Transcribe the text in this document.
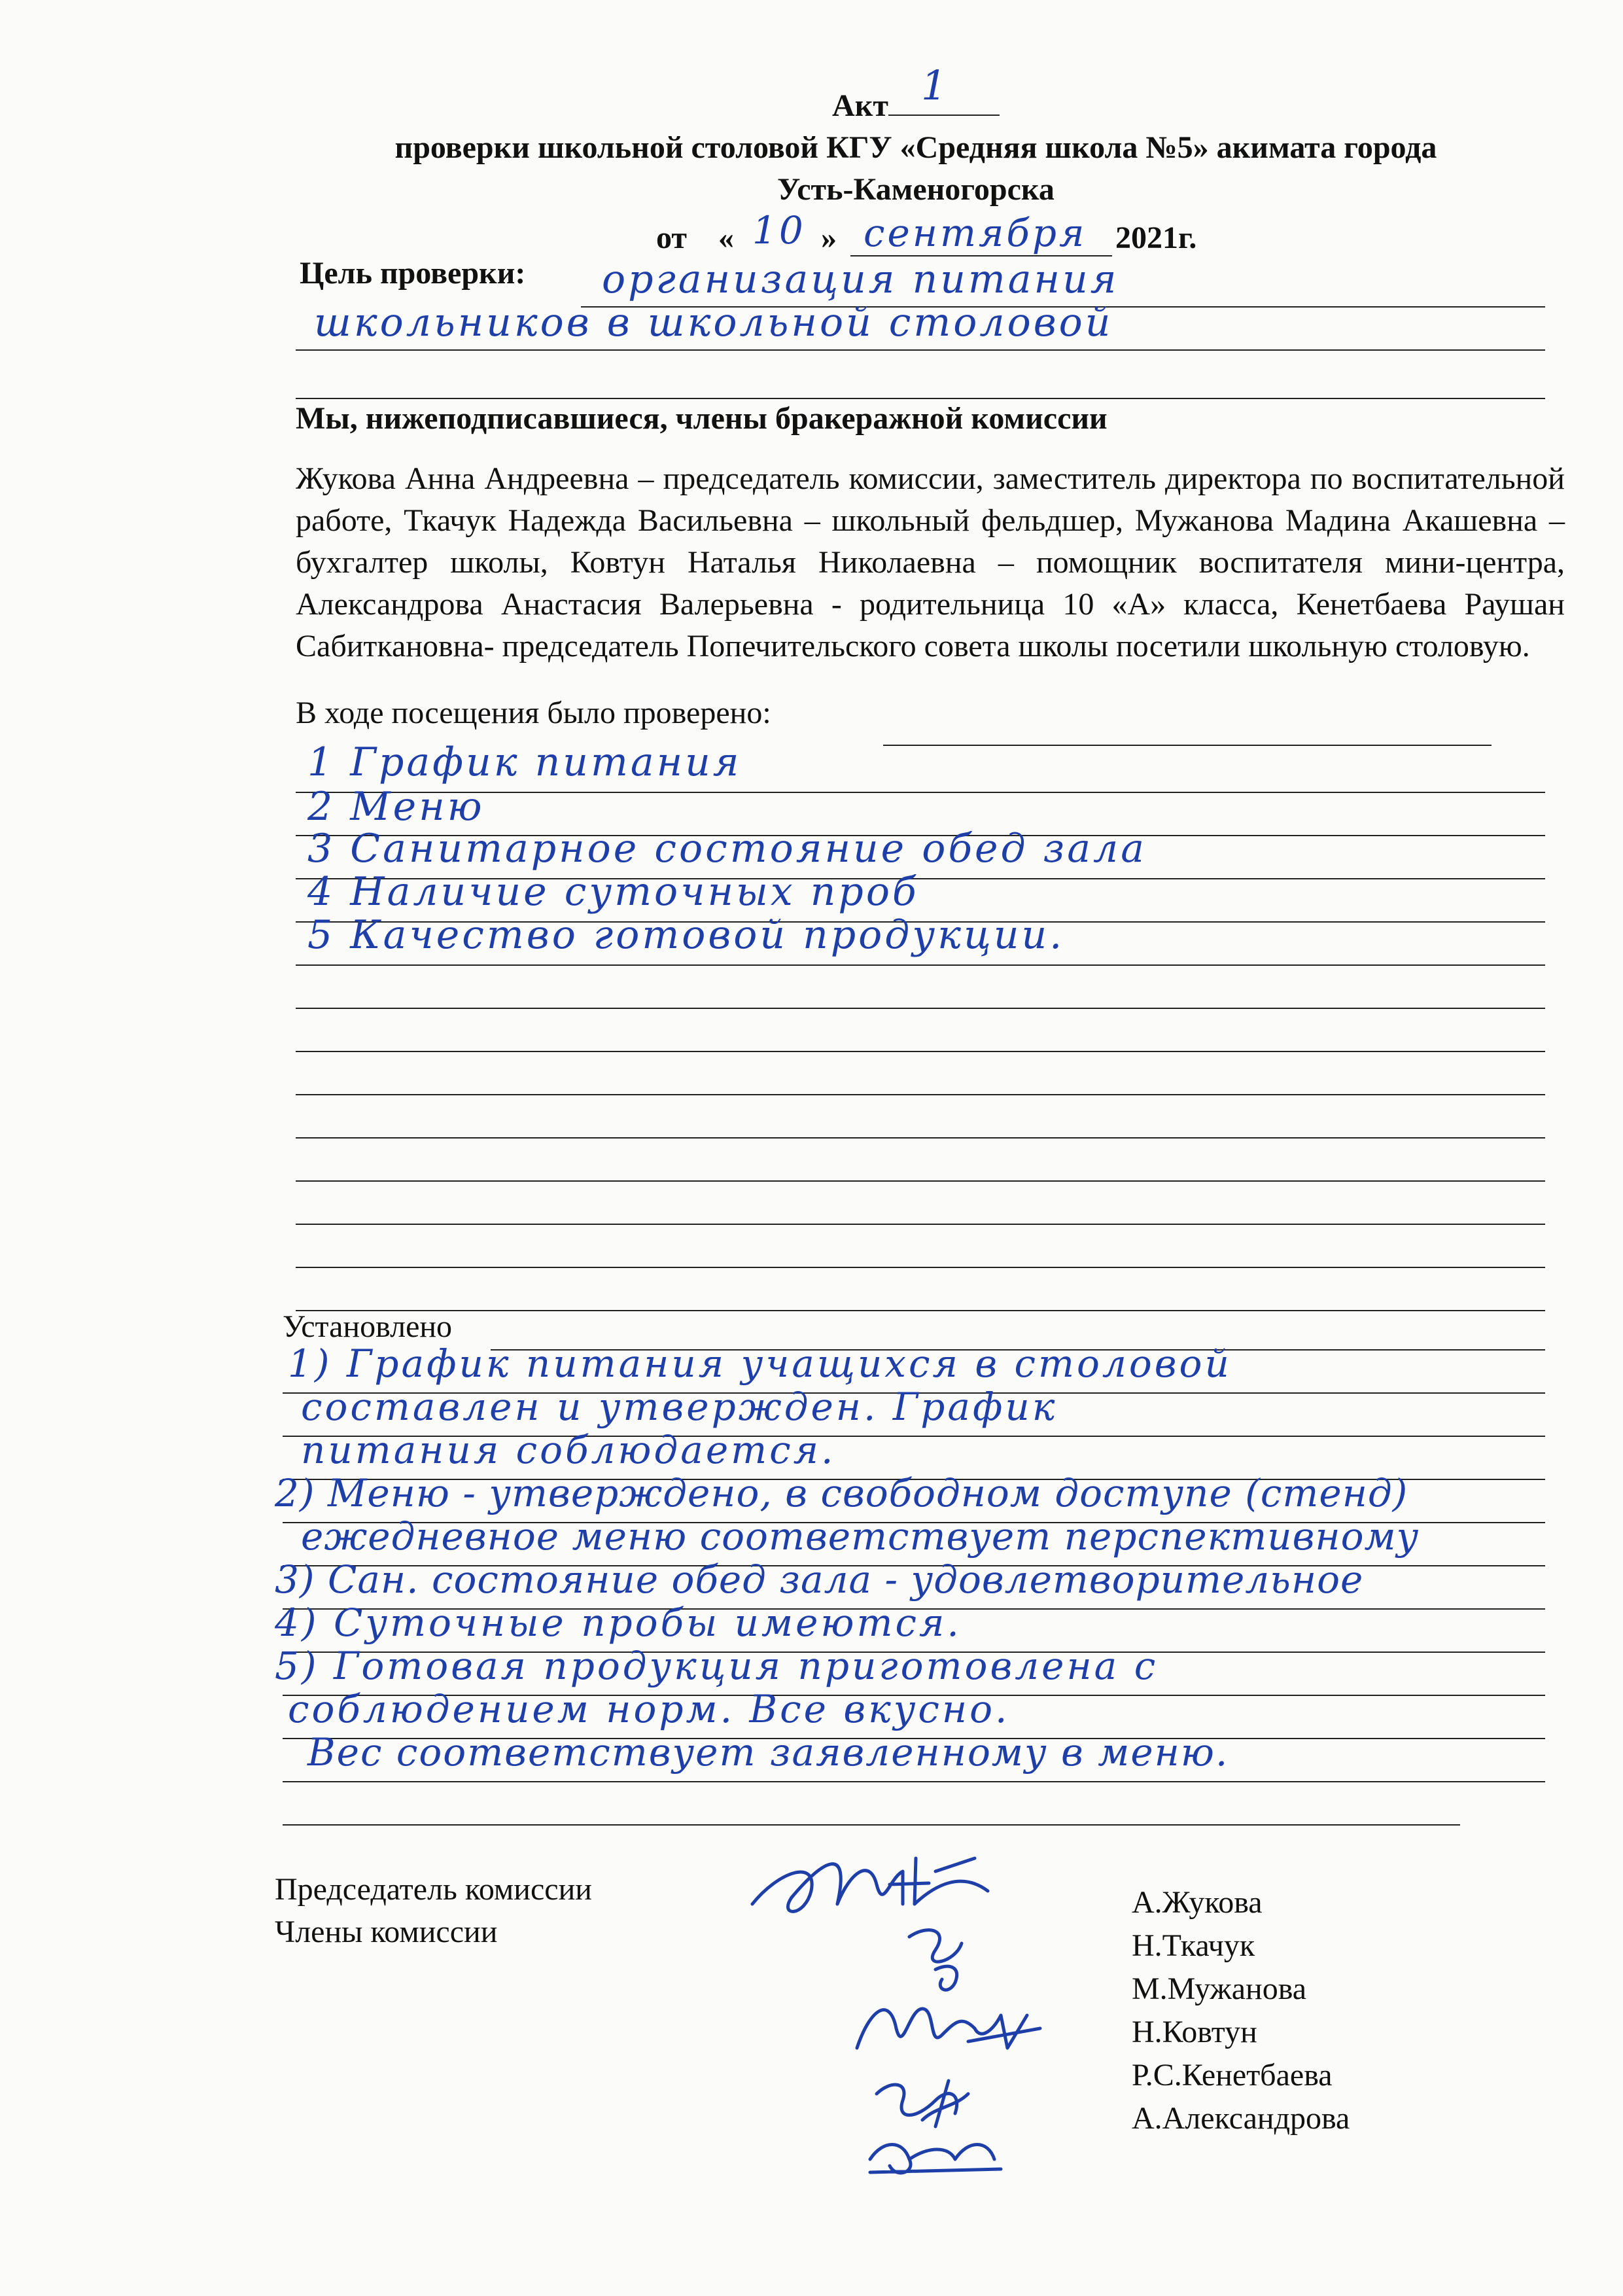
Акт 1
проверки школьной столовой КГУ «Средняя школа №5» акимата города
Усть-Каменогорска
от « 10 » сентября 2021г.
Цель проверки: организация питания
школьников в школьной столовой
Мы, нижеподписавшиеся, члены бракеражной комиссии
Жукова Анна Андреевна – председатель комиссии, заместитель директора по воспитательной работе, Ткачук Надежда Васильевна – школьный фельдшер, Мужанова Мадина Акашевна – бухгалтер школы, Ковтун Наталья Николаевна – помощник воспитателя мини-центра, Александрова Анастасия Валерьевна - родительница 10 «А» класса, Кенетбаева Раушан Сабиткановна- председатель Попечительского совета школы посетили школьную столовую.
В ходе посещения было проверено:
1 График питания
2 Меню
3 Санитарное состояние обед зала
4 Наличие суточных проб
5 Качество готовой продукции.
Установлено
1) График питания учащихся в столовой
составлен и утвержден. График
питания соблюдается.
2) Меню - утверждено, в свободном доступе (стенд)
ежедневное меню соответствует перспективному
3) Сан. состояние обед зала - удовлетворительное
4) Суточные пробы имеются.
5) Готовая продукция приготовлена с
соблюдением норм. Все вкусно.
Вес соответствует заявленному в меню.
Председатель комиссии
Члены комиссии
А.Жукова
Н.Ткачук
М.Мужанова
Н.Ковтун
Р.С.Кенетбаева
А.Александрова
